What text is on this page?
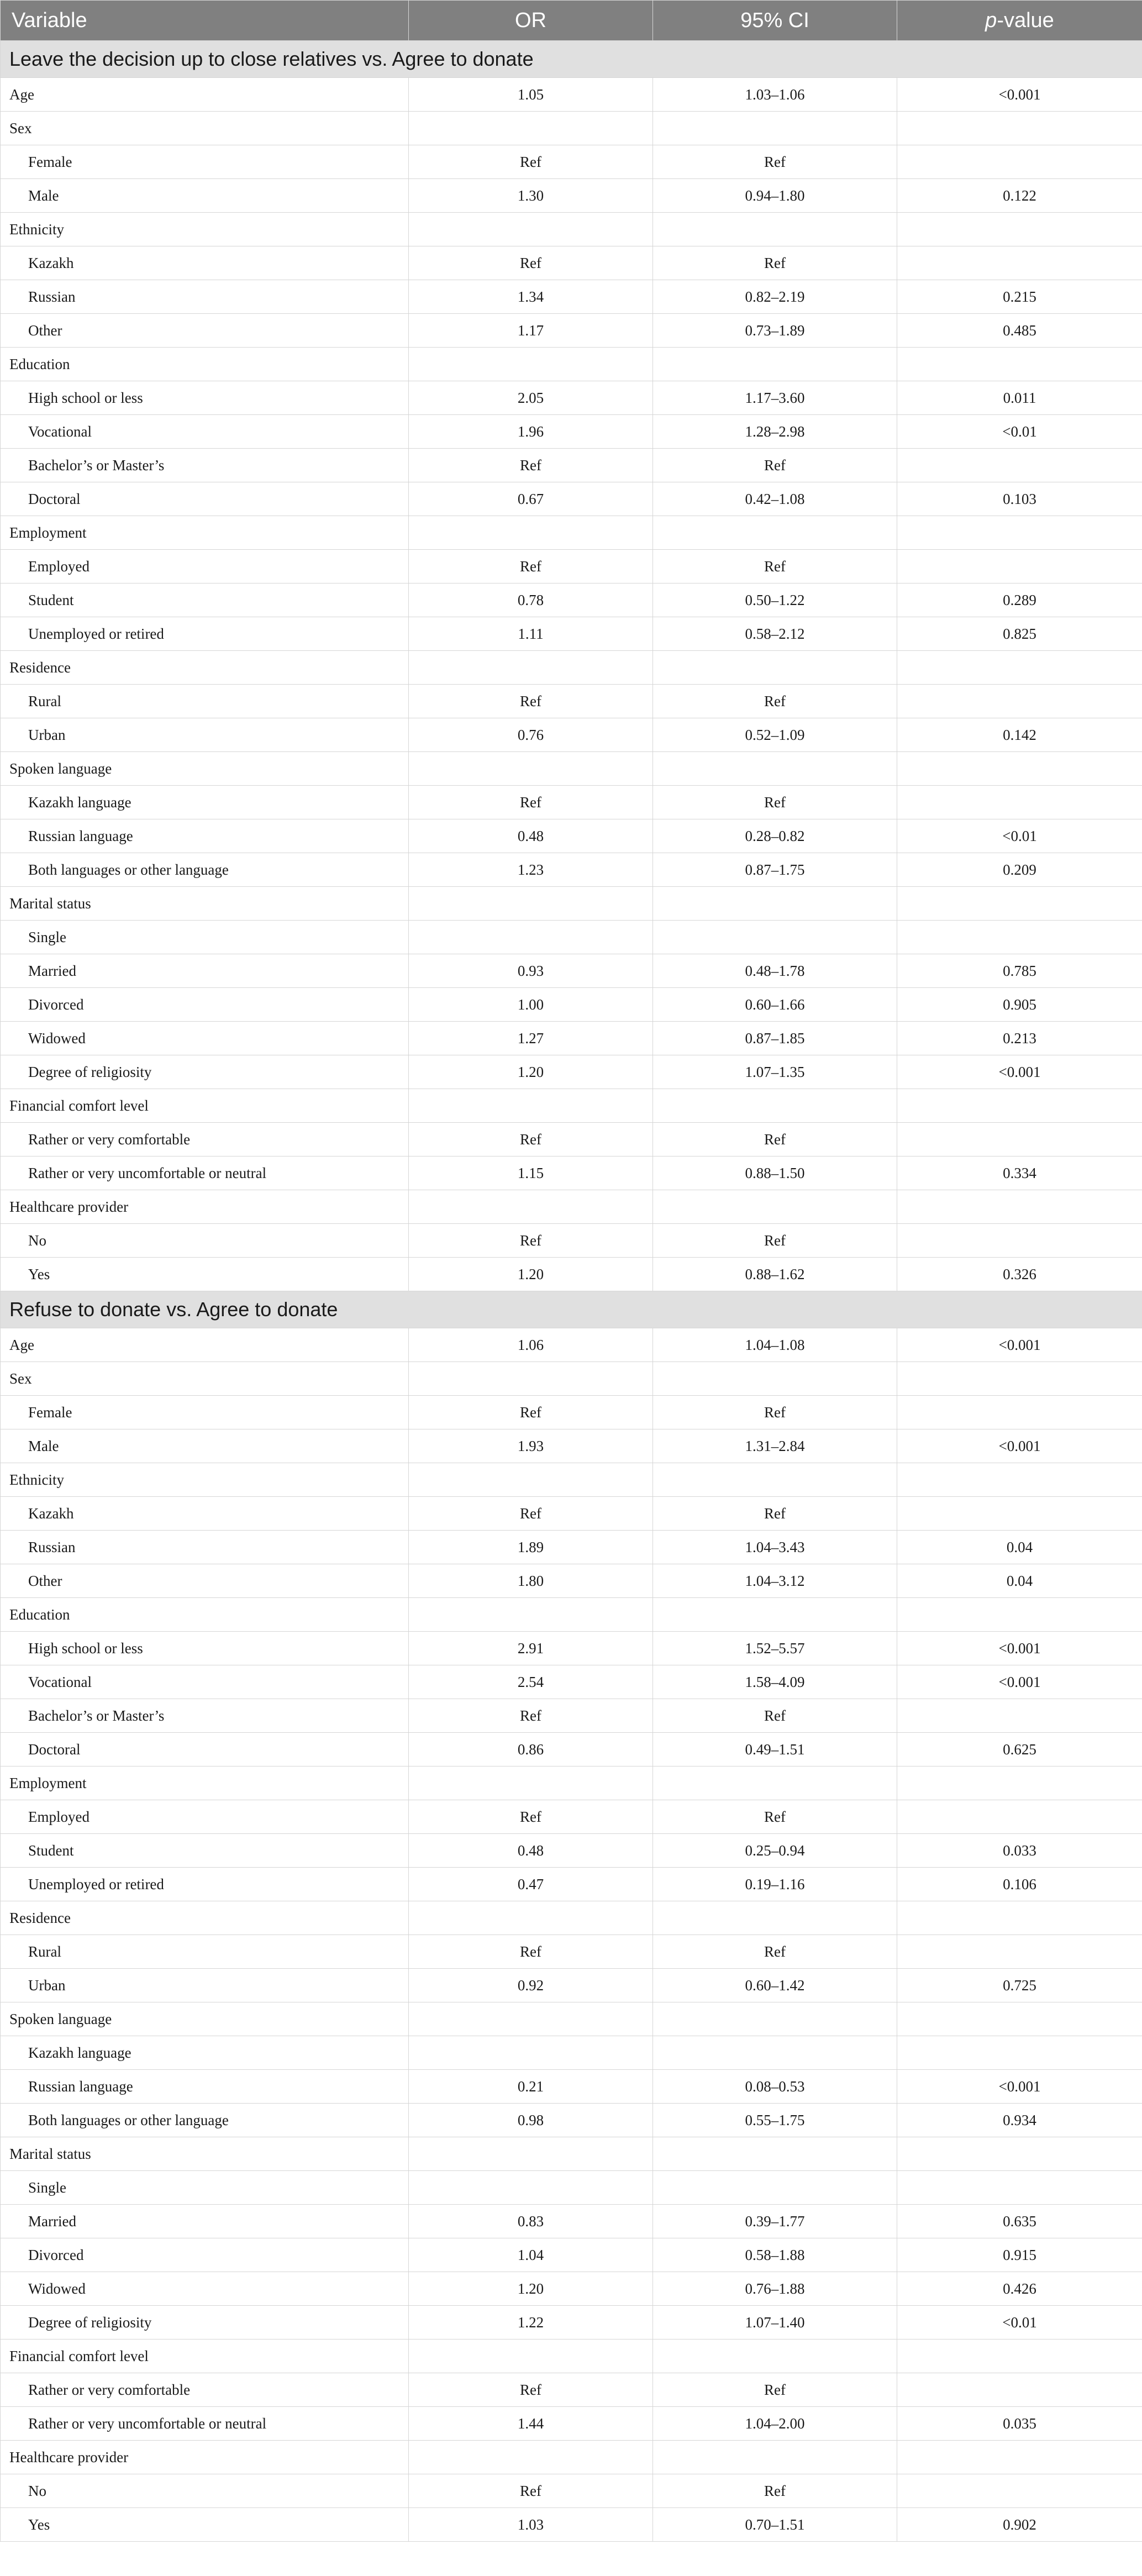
Variable	OR	95% CI	p-value
Leave the decision up to close relatives vs. Agree to donate			
Age	1.05	1.03–1.06	<0.001
Sex			
Female	Ref	Ref	
Male	1.30	0.94–1.80	0.122
Ethnicity			
Kazakh	Ref	Ref	
Russian	1.34	0.82–2.19	0.215
Other	1.17	0.73–1.89	0.485
Education			
High school or less	2.05	1.17–3.60	0.011
Vocational	1.96	1.28–2.98	<0.01
Bachelor’s or Master’s	Ref	Ref	
Doctoral	0.67	0.42–1.08	0.103
Employment			
Employed	Ref	Ref	
Student	0.78	0.50–1.22	0.289
Unemployed or retired	1.11	0.58–2.12	0.825
Residence			
Rural	Ref	Ref	
Urban	0.76	0.52–1.09	0.142
Spoken language			
Kazakh language	Ref	Ref	
Russian language	0.48	0.28–0.82	<0.01
Both languages or other language	1.23	0.87–1.75	0.209
Marital status			
Single			
Married	0.93	0.48–1.78	0.785
Divorced	1.00	0.60–1.66	0.905
Widowed	1.27	0.87–1.85	0.213
Degree of religiosity	1.20	1.07–1.35	<0.001
Financial comfort level			
Rather or very comfortable	Ref	Ref	
Rather or very uncomfortable or neutral	1.15	0.88–1.50	0.334
Healthcare provider			
No	Ref	Ref	
Yes	1.20	0.88–1.62	0.326
Refuse to donate vs. Agree to donate			
Age	1.06	1.04–1.08	<0.001
Sex			
Female	Ref	Ref	
Male	1.93	1.31–2.84	<0.001
Ethnicity			
Kazakh	Ref	Ref	
Russian	1.89	1.04–3.43	0.04
Other	1.80	1.04–3.12	0.04
Education			
High school or less	2.91	1.52–5.57	<0.001
Vocational	2.54	1.58–4.09	<0.001
Bachelor’s or Master’s	Ref	Ref	
Doctoral	0.86	0.49–1.51	0.625
Employment			
Employed	Ref	Ref	
Student	0.48	0.25–0.94	0.033
Unemployed or retired	0.47	0.19–1.16	0.106
Residence			
Rural	Ref	Ref	
Urban	0.92	0.60–1.42	0.725
Spoken language			
Kazakh language			
Russian language	0.21	0.08–0.53	<0.001
Both languages or other language	0.98	0.55–1.75	0.934
Marital status			
Single			
Married	0.83	0.39–1.77	0.635
Divorced	1.04	0.58–1.88	0.915
Widowed	1.20	0.76–1.88	0.426
Degree of religiosity	1.22	1.07–1.40	<0.01
Financial comfort level			
Rather or very comfortable	Ref	Ref	
Rather or very uncomfortable or neutral	1.44	1.04–2.00	0.035
Healthcare provider			
No	Ref	Ref	
Yes	1.03	0.70–1.51	0.902
